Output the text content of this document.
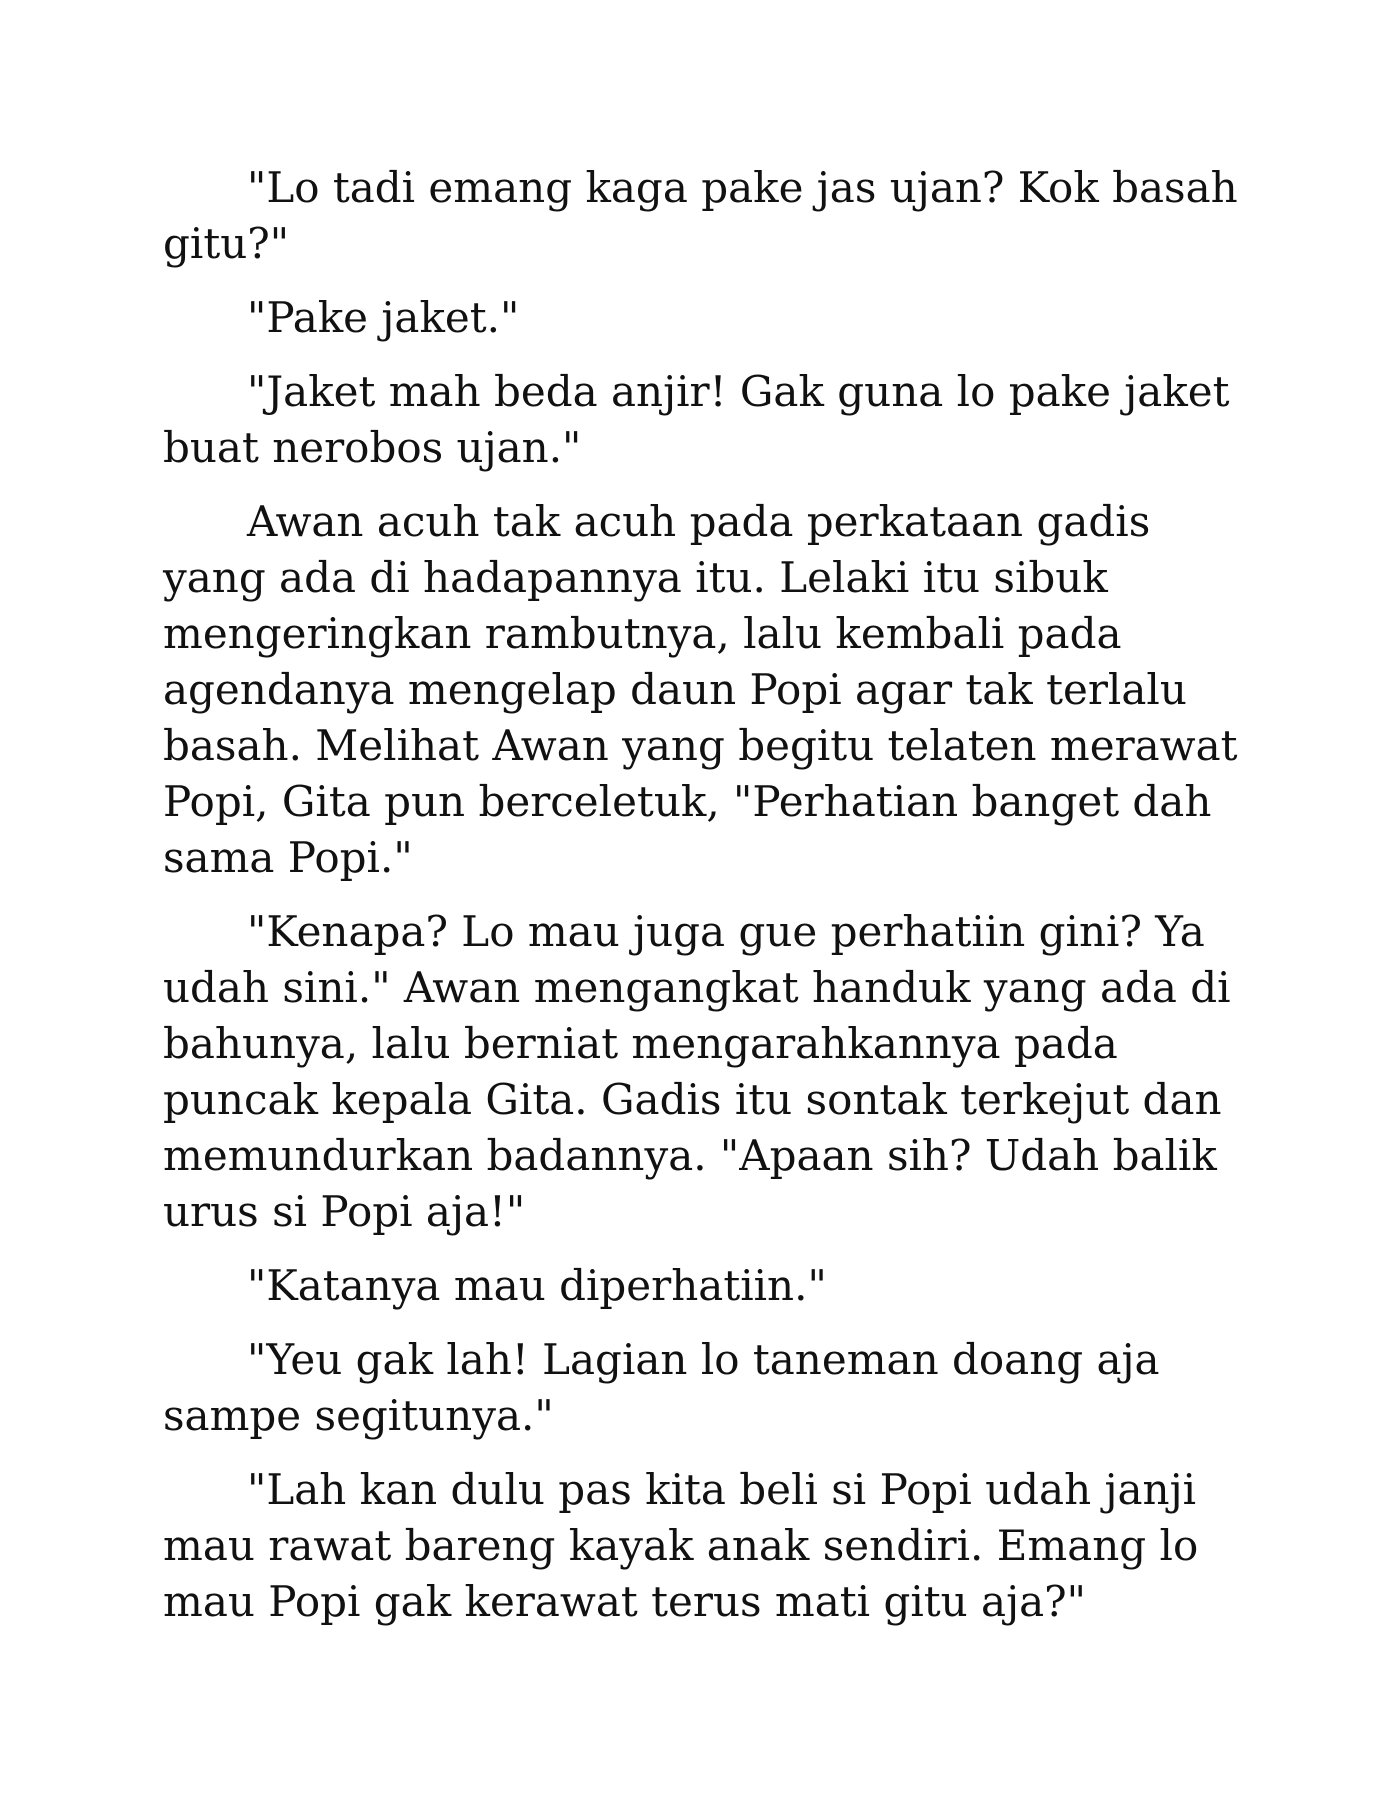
"Lo tadi emang kaga pake jas ujan? Kok basah gitu?"

"Pake jaket."

"Jaket mah beda anjir! Gak guna lo pake jaket buat nerobos ujan."

Awan acuh tak acuh pada perkataan gadis yang ada di hadapannya itu. Lelaki itu sibuk mengeringkan rambutnya, lalu kembali pada agendanya mengelap daun Popi agar tak terlalu basah. Melihat Awan yang begitu telaten merawat Popi, Gita pun berceletuk, "Perhatian banget dah sama Popi."

"Kenapa? Lo mau juga gue perhatiin gini? Ya udah sini." Awan mengangkat handuk yang ada di bahunya, lalu berniat mengarahkannya pada puncak kepala Gita. Gadis itu sontak terkejut dan memundurkan badannya. "Apaan sih? Udah balik urus si Popi aja!"

"Katanya mau diperhatiin."

"Yeu gak lah! Lagian lo taneman doang aja sampe segitunya."

"Lah kan dulu pas kita beli si Popi udah janji mau rawat bareng kayak anak sendiri. Emang lo mau Popi gak kerawat terus mati gitu aja?"
